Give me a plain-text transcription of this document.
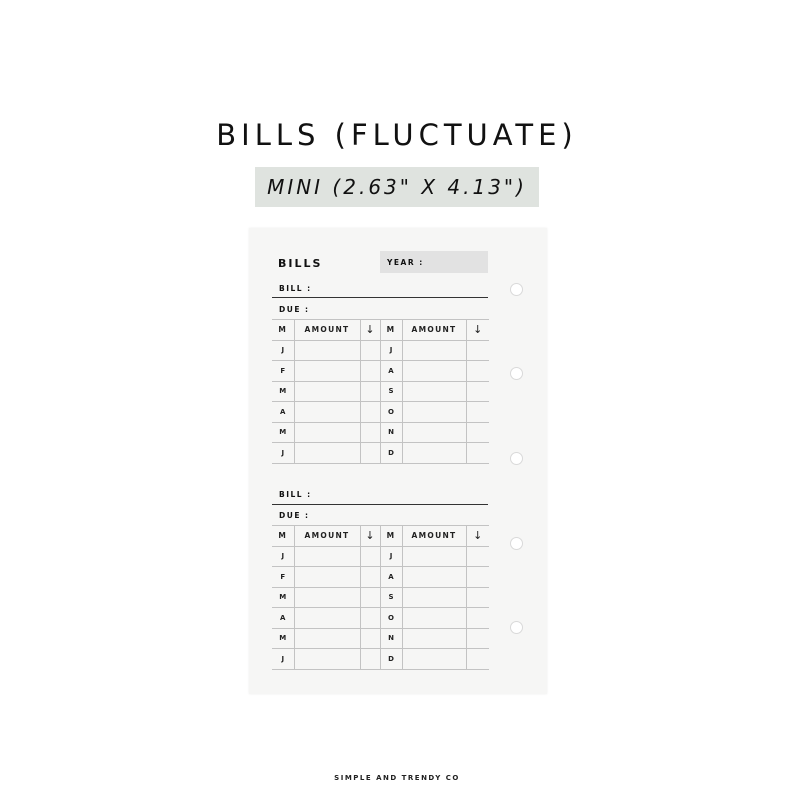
BILLS (FLUCTUATE)
MINI (2.63" X 4.13")
BILLS	YEAR :
BILL :
DUE :
M	AMOUNT	↓	M	AMOUNT	↓
J			J		
F			A		
M			S		
A			O		
M			N		
J			D		
BILL :
DUE :
M	AMOUNT	↓	M	AMOUNT	↓
J			J		
F			A		
M			S		
A			O		
M			N		
J			D		
SIMPLE AND TRENDY CO
